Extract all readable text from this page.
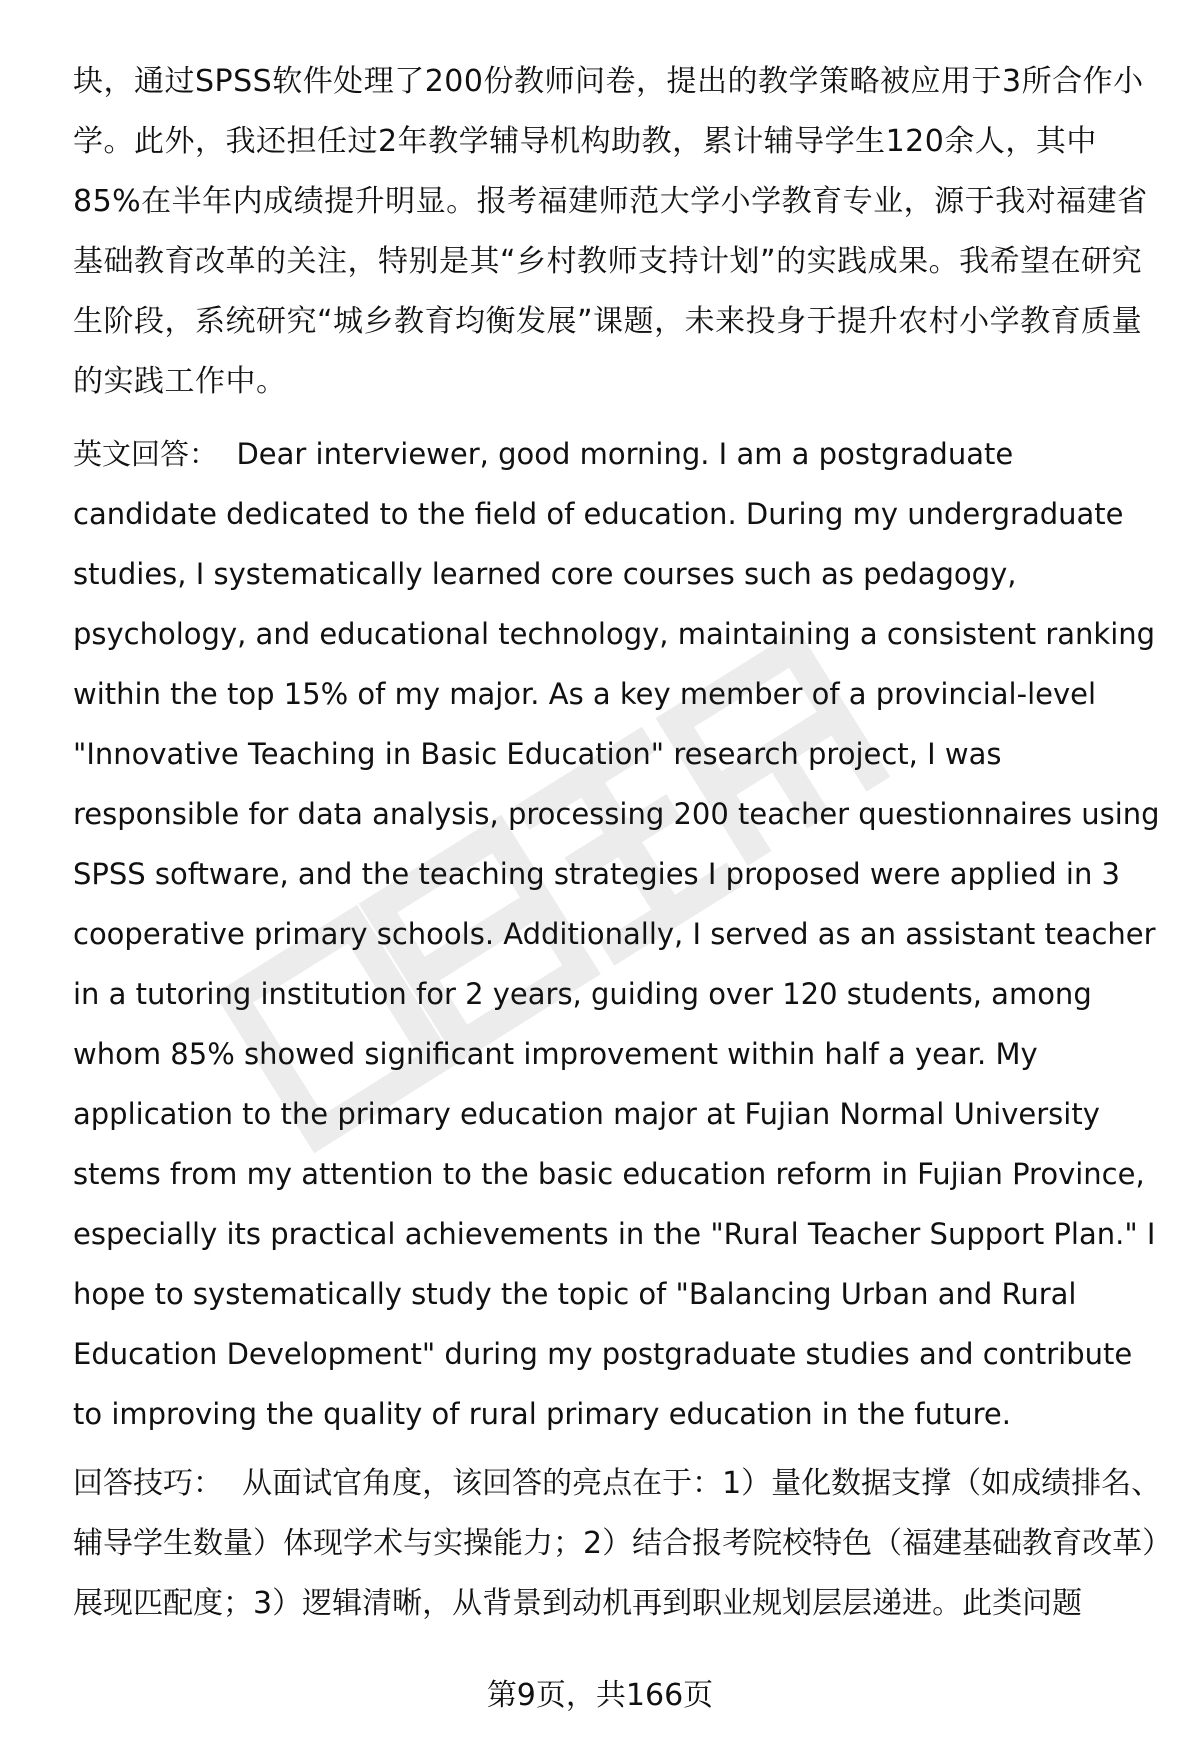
块，通过SPSS软件处理了200份教师问卷，提出的教学策略被应用于3所合作小学。此外，我还担任过2年教学辅导机构助教，累计辅导学生120余人，其中85%在半年内成绩提升明显。报考福建师范大学小学教育专业，源于我对福建省基础教育改革的关注，特别是其“乡村教师支持计划”的实践成果。我希望在研究生阶段，系统研究“城乡教育均衡发展”课题，未来投身于提升农村小学教育质量的实践工作中。

英文回答： Dear interviewer, good morning. I am a postgraduate candidate dedicated to the field of education. During my undergraduate studies, I systematically learned core courses such as pedagogy, psychology, and educational technology, maintaining a consistent ranking within the top 15% of my major. As a key member of a provincial-level "Innovative Teaching in Basic Education" research project, I was responsible for data analysis, processing 200 teacher questionnaires using SPSS software, and the teaching strategies I proposed were applied in 3 cooperative primary schools. Additionally, I served as an assistant teacher in a tutoring institution for 2 years, guiding over 120 students, among whom 85% showed significant improvement within half a year. My application to the primary education major at Fujian Normal University stems from my attention to the basic education reform in Fujian Province, especially its practical achievements in the "Rural Teacher Support Plan." I hope to systematically study the topic of "Balancing Urban and Rural Education Development" during my postgraduate studies and contribute to improving the quality of rural primary education in the future.

回答技巧： 从面试官角度，该回答的亮点在于：1）量化数据支撑（如成绩排名、辅导学生数量）体现学术与实操能力；2）结合报考院校特色（福建基础教育改革）展现匹配度；3）逻辑清晰，从背景到动机再到职业规划层层递进。此类问题

第9页，共166页
